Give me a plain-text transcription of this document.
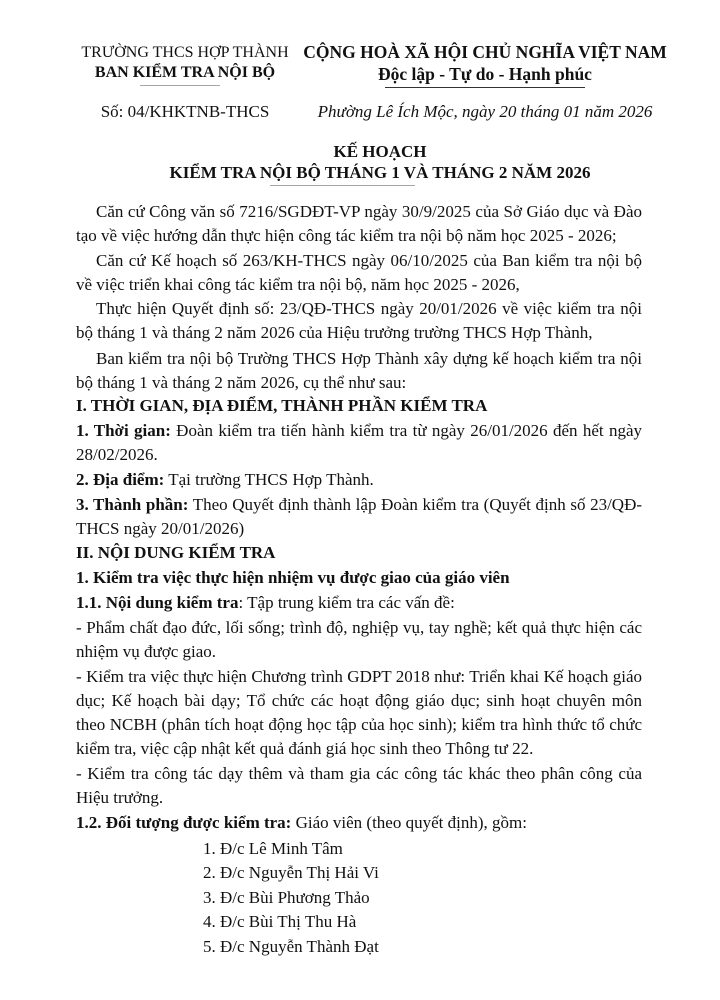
TRƯỜNG THCS HỢP THÀNH
BAN KIỂM TRA NỘI BỘ
Số: 04/KHKTNB-THCS
CỘNG HOÀ XÃ HỘI CHỦ NGHĨA VIỆT NAM
Độc lập - Tự do - Hạnh phúc
Phường Lê Ích Mộc, ngày 20 tháng 01 năm 2026
KẾ HOẠCH
KIỂM TRA NỘI BỘ THÁNG 1 VÀ THÁNG 2 NĂM 2026
Căn cứ Công văn số 7216/SGDĐT-VP ngày 30/9/2025 của Sở Giáo dục và Đào tạo về việc hướng dẫn thực hiện công tác kiểm tra nội bộ năm học 2025 - 2026;
Căn cứ Kế hoạch số 263/KH-THCS ngày 06/10/2025 của Ban kiểm tra nội bộ về việc triển khai công tác kiểm tra nội bộ, năm học 2025 - 2026,
Thực hiện Quyết định số: 23/QĐ-THCS ngày 20/01/2026 về việc kiểm tra nội bộ tháng 1 và tháng 2 năm 2026 của Hiệu trưởng trường THCS Hợp Thành,
Ban kiểm tra nội bộ Trường THCS Hợp Thành xây dựng kế hoạch kiểm tra nội bộ tháng 1 và tháng 2 năm 2026, cụ thể như sau:
I. THỜI GIAN, ĐỊA ĐIỂM, THÀNH PHẦN KIỂM TRA
1. Thời gian: Đoàn kiểm tra tiến hành kiểm tra từ ngày 26/01/2026 đến hết ngày 28/02/2026.
2. Địa điểm: Tại trường THCS Hợp Thành.
3. Thành phần: Theo Quyết định thành lập Đoàn kiểm tra (Quyết định số 23/QĐ-THCS ngày 20/01/2026)
II. NỘI DUNG KIỂM TRA
1. Kiểm tra việc thực hiện nhiệm vụ được giao của giáo viên
1.1. Nội dung kiểm tra: Tập trung kiểm tra các vấn đề:
- Phẩm chất đạo đức, lối sống; trình độ, nghiệp vụ, tay nghề; kết quả thực hiện các nhiệm vụ được giao.
- Kiểm tra việc thực hiện Chương trình GDPT 2018 như: Triển khai Kế hoạch giáo dục; Kế hoạch bài dạy; Tổ chức các hoạt động giáo dục; sinh hoạt chuyên môn theo NCBH (phân tích hoạt động học tập của học sinh); kiểm tra hình thức tổ chức kiểm tra, việc cập nhật kết quả đánh giá học sinh theo Thông tư 22.
- Kiểm tra công tác dạy thêm và tham gia các công tác khác theo phân công của Hiệu trưởng.
1.2. Đối tượng được kiểm tra: Giáo viên (theo quyết định), gồm:
1. Đ/c Lê Minh Tâm
2. Đ/c Nguyễn Thị Hải Vi
3. Đ/c Bùi Phương Thảo
4. Đ/c Bùi Thị Thu Hà
5. Đ/c Nguyễn Thành Đạt
